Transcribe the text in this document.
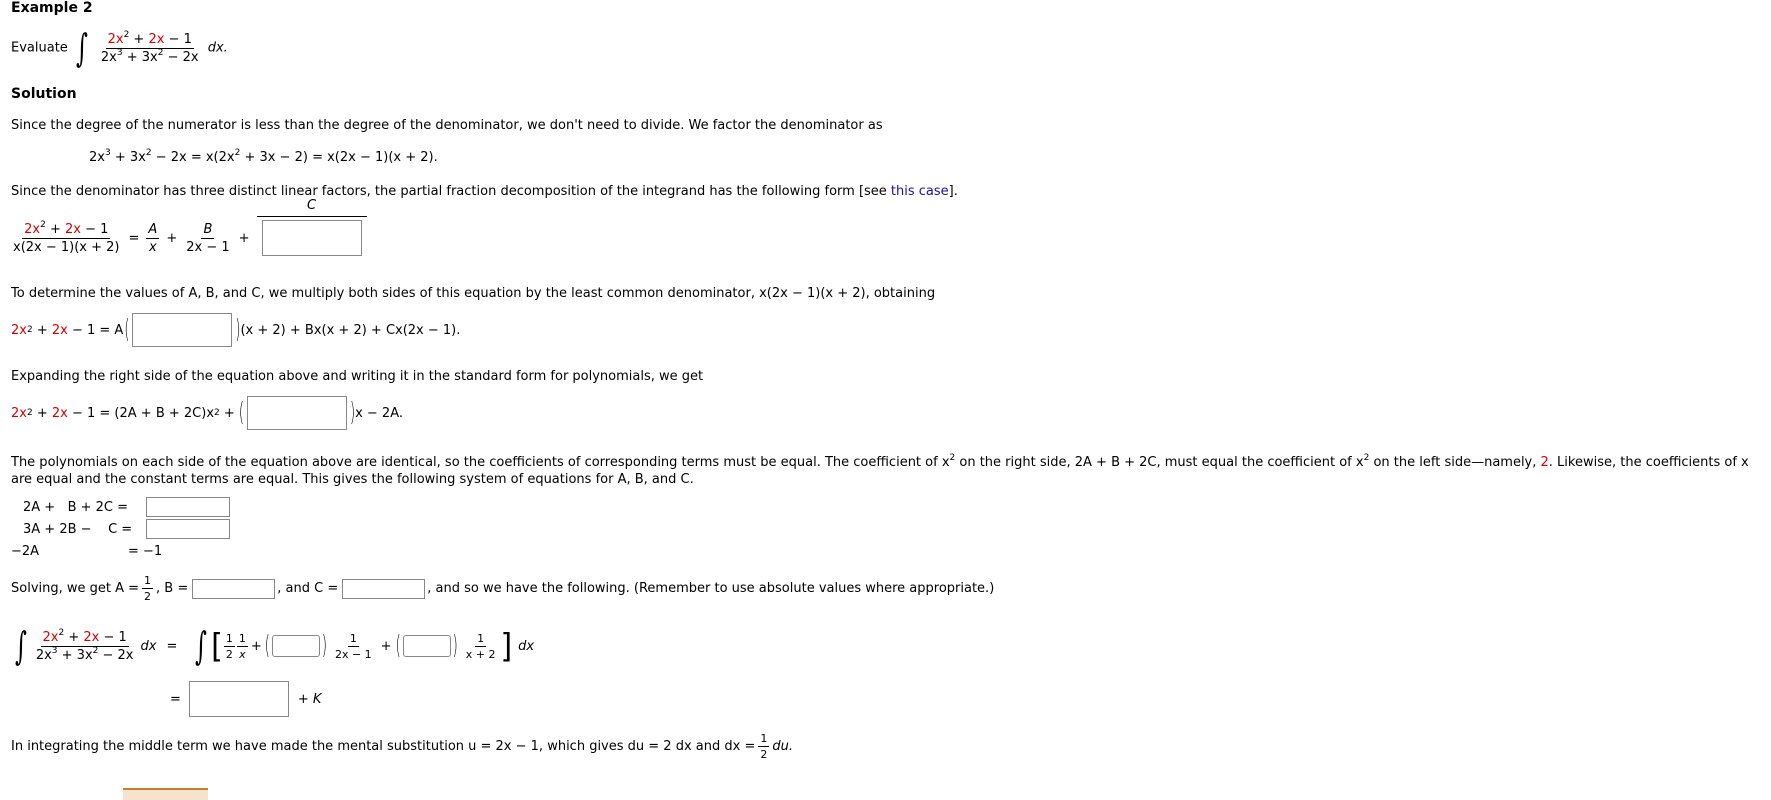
Example 2
Evaluate ∫ $\frac{2x^2 + 2x - 1}{2x^3 + 3x^2 - 2x}$ dx.
Solution
Since the degree of the numerator is less than the degree of the denominator, we don't need to divide. We factor the denominator as
$2x^3 + 3x^2 - 2x = x(2x^2 + 3x - 2) = x(2x - 1)(x + 2)$.
Since the denominator has three distinct linear factors, the partial fraction decomposition of the integrand has the following form [see this case].
$\frac{2x^2 + 2x - 1}{x(2x - 1)(x + 2)} = \frac{A}{x} + \frac{B}{2x - 1}$ +
C
To determine the values of A, B, and C, we multiply both sides of this equation by the least common denominator, x(2x − 1)(x + 2), obtaining
2x 2 + 2x − 1 = A (	) (x + 2) + Bx(x + 2) + Cx(2x − 1).
Expanding the right side of the equation above and writing it in the standard form for polynomials, we get
2x 2 + 2x − 1 = (2A + B + 2C)x 2 + (	) x − 2A.
The polynomials on each side of the equation above are identical, so the coefficients of corresponding terms must be equal. The coefficient of $x^2$ on the right side, 2A + B + 2C, must equal the coefficient of $x^2$ on the left side—namely, 2. Likewise, the coefficients of x
are equal and the constant terms are equal. This gives the following system of equations for A, B, and C.
2A +   B + 2C =
3A + 2B −    C =
−2A	= −1
Solving, we get $A = \frac{1}{2}$ , B =	, and C =	, and so we have the following. (Remember to use absolute values where appropriate.)
∫ $\frac{2x^2 + 2x - 1}{2x^3 + 3x^2 - 2x}$ dx = ∫ [ $\frac{1}{2} \frac{1}{x}$ + (	) $\frac{1}{2x - 1}$ + (	) $\frac{1}{x + 2}$ ] dx
=	+ K
In integrating the middle term we have made the mental substitution u = 2x − 1, which gives du = 2 dx and dx = $\frac{1}{2}$ du.
